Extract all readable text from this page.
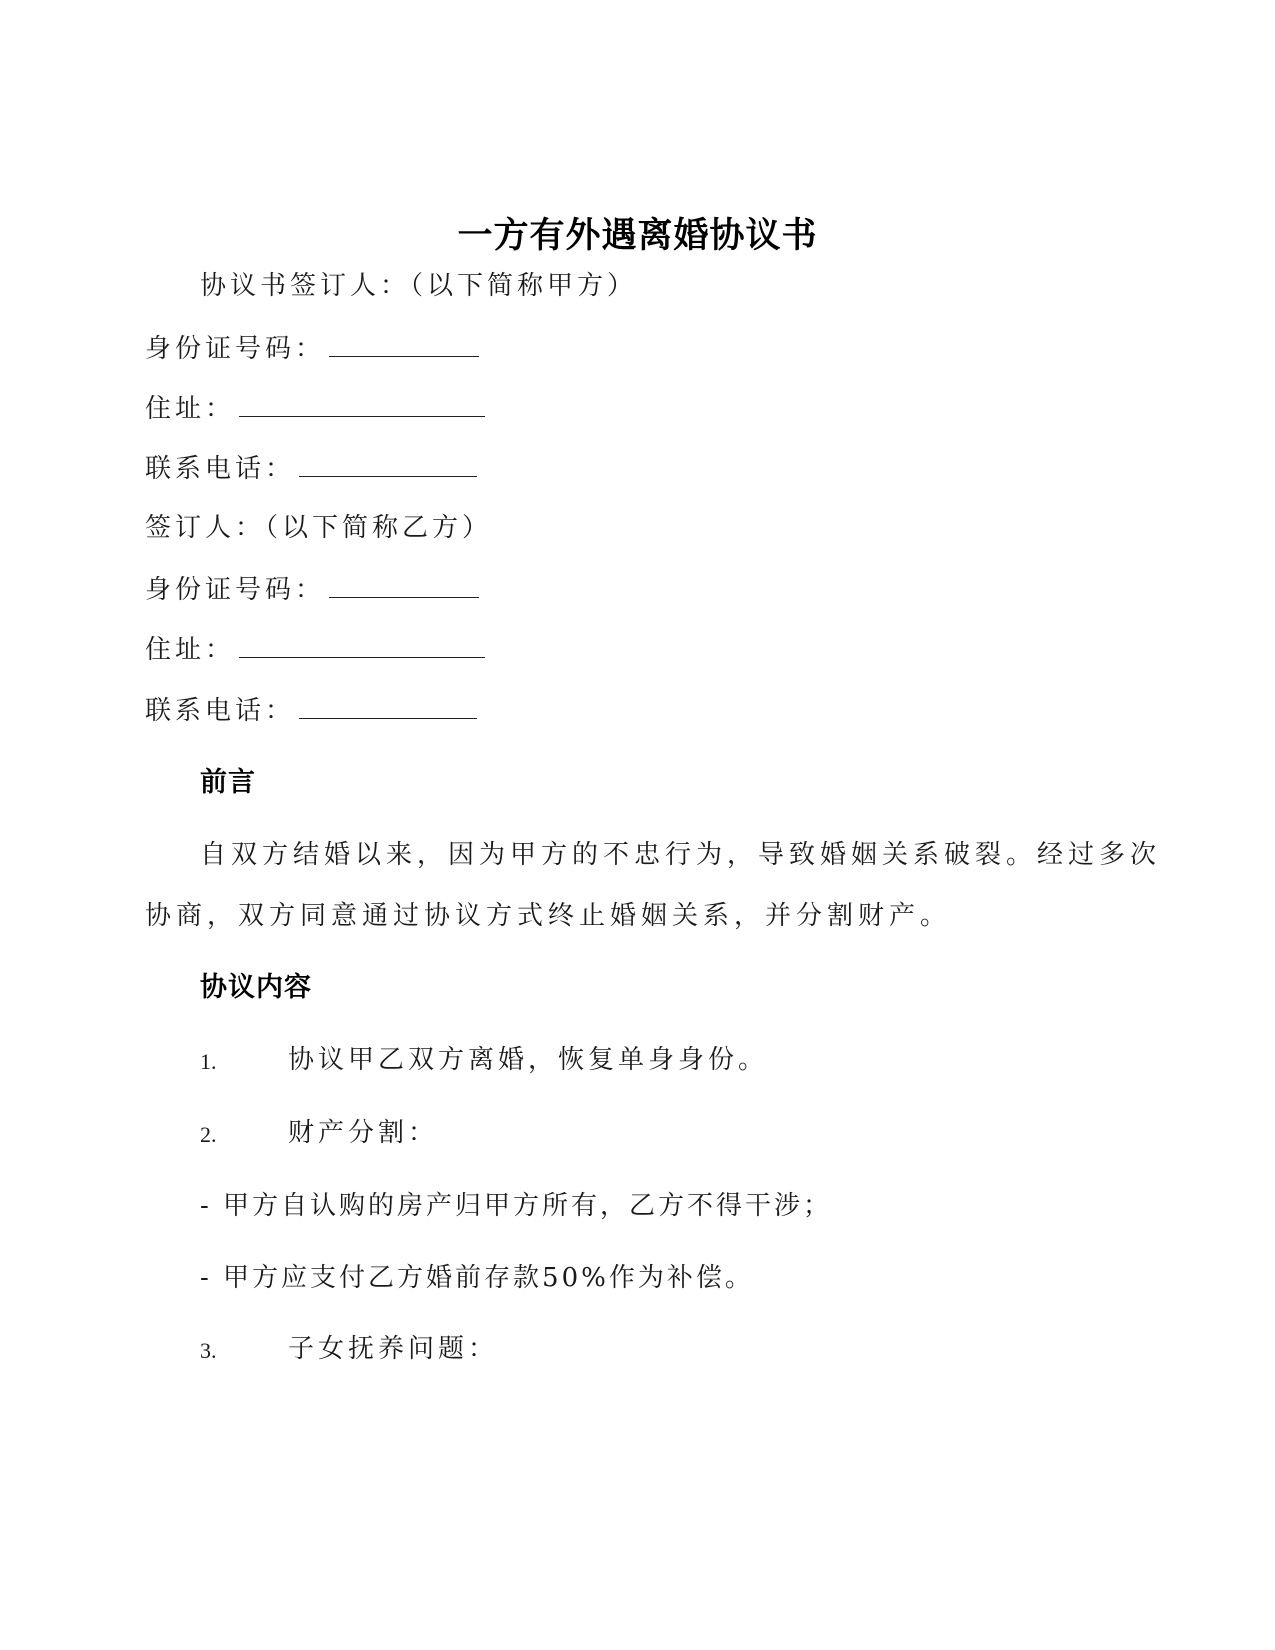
一方有外遇离婚协议书
协议书签订人：（以下简称甲方）
身份证号码：
住址：
联系电话：
签订人：（以下简称乙方）
身份证号码：
住址：
联系电话：
前言
自双方结婚以来，因为甲方的不忠行为，导致婚姻关系破裂。经过多次
协商，双方同意通过协议方式终止婚姻关系，并分割财产。
协议内容
1.	协议甲乙双方离婚，恢复单身身份。
2.	财产分割：
- 甲方自认购的房产归甲方所有，乙方不得干涉；
- 甲方应支付乙方婚前存款50%作为补偿。
3.	子女抚养问题：
